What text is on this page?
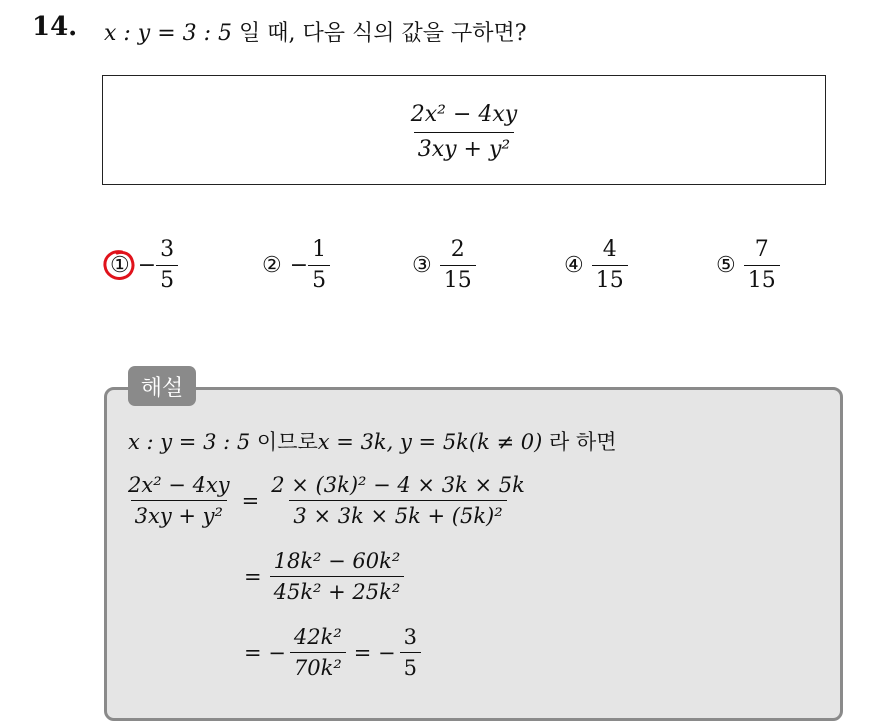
14. x : y = 3 : 5 일 때, 다음 식의 값을 구하면?
$\frac{\text{2x² − 4xy}}{\text{3xy + y²}}$
① − $\frac{3}{5}$	② − $\frac{1}{5}$	③ $\frac{2}{15}$	④ $\frac{4}{15}$	⑤ $\frac{7}{15}$
해설
x : y = 3 : 5 이므로x = 3k, y = 5k(k ≠ 0) 라 하면
$\frac{\text{2x² − 4xy}}{\text{3xy + y²}} = \frac{\text{2 × (3k)² − 4 × 3k × 5k}}{\text{3 × 3k × 5k + (5k)²}}$
= $\frac{\text{18k² − 60k²}}{\text{45k² + 25k²}}$
= − $\frac{\text{42k²}}{\text{70k²}}$ = − $\frac{3}{5}$
